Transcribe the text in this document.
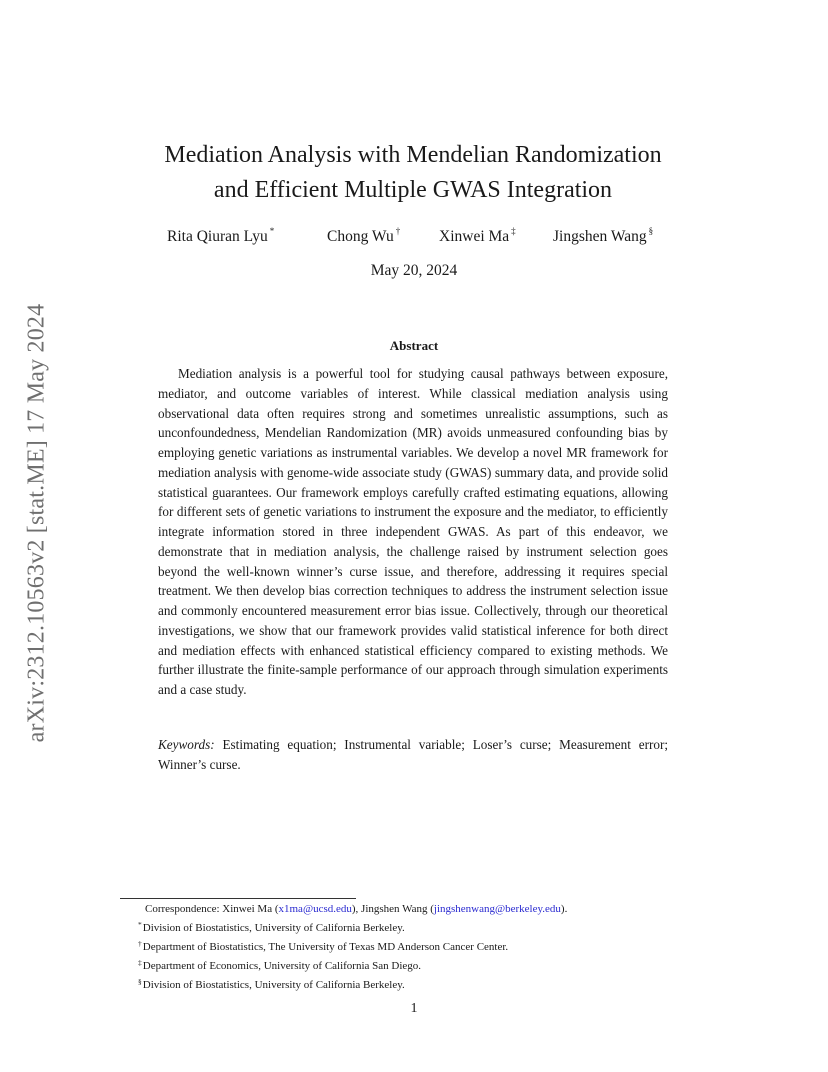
arXiv:2312.10563v2 [stat.ME] 17 May 2024
Mediation Analysis with Mendelian Randomization
and Efficient Multiple GWAS Integration
Rita Qiuran Lyu *	Chong Wu †	Xinwei Ma ‡ Jingshen Wang §
May 20, 2024
Abstract

Mediation analysis is a powerful tool for studying causal pathways between exposure, mediator, and outcome variables of interest. While classical mediation analysis using observational data often requires strong and sometimes unrealistic assumptions, such as unconfoundedness, Mendelian Randomization (MR) avoids unmeasured confounding bias by employing genetic variations as instrumental variables. We develop a novel MR framework for mediation analysis with genome-wide associate study (GWAS) summary data, and provide solid statistical guarantees. Our framework employs carefully crafted estimating equations, allowing for different sets of genetic variations to instrument the exposure and the mediator, to efficiently integrate information stored in three independent GWAS. As part of this endeavor, we demonstrate that in mediation analysis, the challenge raised by instrument selection goes beyond the well-known winner’s curse issue, and therefore, addressing it requires special treatment. We then develop bias correction techniques to address the instrument selection issue and commonly encountered measurement error bias issue. Collectively, through our theoretical investigations, we show that our framework provides valid statistical inference for both direct and mediation effects with enhanced statistical efficiency compared to existing methods. We further illustrate the finite-sample performance of our approach through simulation experiments and a case study.

Keywords: Estimating equation; Instrumental variable; Loser’s curse; Measurement error; Winner’s curse.

Correspondence: Xinwei Ma (x1ma@ucsd.edu), Jingshen Wang (jingshenwang@berkeley.edu).
*Division of Biostatistics, University of California Berkeley.
†Department of Biostatistics, The University of Texas MD Anderson Cancer Center.
‡Department of Economics, University of California San Diego.
§Division of Biostatistics, University of California Berkeley.
1
